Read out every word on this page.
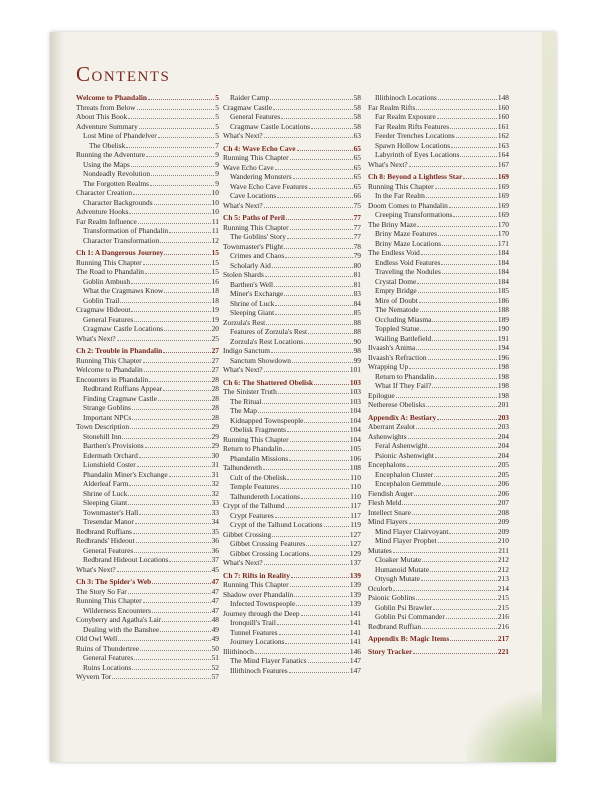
Contents
Welcome to Phandalin	5
Threats from Below	5
About This Book	5
Adventure Summary	5
Lost Mine of Phandelver	5
The Obelisk	7
Running the Adventure	9
Using the Maps	9
Nondeadly Revolution	9
The Forgotten Realms	9
Character Creation	10
Character Backgrounds	10
Adventure Hooks	10
Far Realm Influence	11
Transformation of Phandalin	11
Character Transformation	12
Ch 1: A Dangerous Journey	15
Running This Chapter	15
The Road to Phandalin	15
Goblin Ambush	16
What the Cragmaws Know	18
Goblin Trail	18
Cragmaw Hideout	19
General Features	19
Cragmaw Castle Locations	20
What's Next?	25
Ch 2: Trouble in Phandalin	27
Running This Chapter	27
Welcome to Phandalin	27
Encounters in Phandalin	28
Redbrand Ruffians Appear	28
Finding Cragmaw Castle	28
Strange Goblins	28
Important NPCs	28
Town Description	29
Stonehill Inn	29
Barthen's Provisions	29
Edermath Orchard	30
Lionshield Coster	31
Phandalin Miner's Exchange	31
Alderleaf Farm	32
Shrine of Luck	32
Sleeping Giant	33
Townmaster's Hall	33
Tresendar Manor	34
Redbrand Ruffians	35
Redbrands' Hideout	36
General Features	36
Redbrand Hideout Locations	37
What's Next?	45
Ch 3: The Spider's Web	47
The Story So Far	47
Running This Chapter	47
Wilderness Encounters	47
Conyberry and Agatha's Lair	48
Dealing with the Banshee	49
Old Owl Well	49
Ruins of Thundertree	50
General Features	51
Ruins Locations	52
Wyvern Tor	57
Raider Camp	58
Cragmaw Castle	58
General Features	58
Cragmaw Castle Locations	58
What's Next?	63
Ch 4: Wave Echo Cave	65
Running This Chapter	65
Wave Echo Cave	65
Wandering Monsters	65
Wave Echo Cave Features	65
Cave Locations	66
What's Next?	75
Ch 5: Paths of Peril	77
Running This Chapter	77
The Goblins' Story	77
Townmaster's Plight	78
Crimes and Chaos	79
Scholarly Aid	80
Stolen Shards	81
Barthen's Well	81
Miner's Exchange	83
Shrine of Luck	84
Sleeping Giant	85
Zorzula's Rest	88
Features of Zorzula's Rest	88
Zorzula's Rest Locations	90
Indigo Sanctum	98
Sanctum Showdown	99
What's Next?	101
Ch 6: The Shattered Obelisk	103
The Sinister Truth	103
The Ritual	103
The Map	104
Kidnapped Townspeople	104
Obelisk Fragments	104
Running This Chapter	104
Return to Phandalin	105
Phandalin Missions	106
Talhundereth	108
Cult of the Obelisk	110
Temple Features	110
Talhundereth Locations	110
Crypt of the Talhund	117
Crypt Features	117
Crypt of the Talhund Locations	119
Gibbet Crossing	127
Gibbet Crossing Features	127
Gibbet Crossing Locations	129
What's Next?	137
Ch 7: Rifts in Reality	139
Running This Chapter	139
Shadow over Phandalin	139
Infected Townspeople	139
Journey through the Deep	141
Ironquill's Trail	141
Tunnel Features	141
Journey Locations	141
Illithinoch	146
The Mind Flayer Fanatics	147
Illithinoch Features	147
Illithinoch Locations	148
Far Realm Rifts	160
Far Realm Exposure	160
Far Realm Rifts Features	161
Feeder Trenches Locations	162
Spawn Hollow Locations	163
Labyrinth of Eyes Locations	164
What's Next?	167
Ch 8: Beyond a Lightless Star	169
Running This Chapter	169
In the Far Realm	169
Doom Comes to Phandalin	169
Creeping Transformations	169
The Briny Maze	170
Briny Maze Features	170
Briny Maze Locations	171
The Endless Void	184
Endless Void Features	184
Traveling the Nodules	184
Crystal Dome	184
Empty Bridge	185
Mire of Doubt	186
The Nematode	188
Occluding Miasma	189
Toppled Statue	190
Wailing Battlefield	191
Ilvaash's Anima	194
Ilvaash's Refraction	196
Wrapping Up	198
Return to Phandalin	198
What If They Fail?	198
Epilogue	198
Netherese Obelisks	201
Appendix A: Bestiary	203
Aberrant Zealot	203
Ashenwights	204
Feral Ashenwight	204
Psionic Ashenwight	204
Encephalons	205
Encephalon Cluster	205
Encephalon Gemmule	206
Fiendish Auger	206
Flesh Meld	207
Intellect Snare	208
Mind Flayers	209
Mind Flayer Clairvoyant	209
Mind Flayer Prophet	210
Mutates	211
Cloaker Mutate	212
Humanoid Mutate	212
Otyugh Mutate	213
Oculorb	214
Psionic Goblins	215
Goblin Psi Brawler	215
Goblin Psi Commander	216
Redbrand Ruffian	216
Appendix B: Magic Items	217
Story Tracker	221
